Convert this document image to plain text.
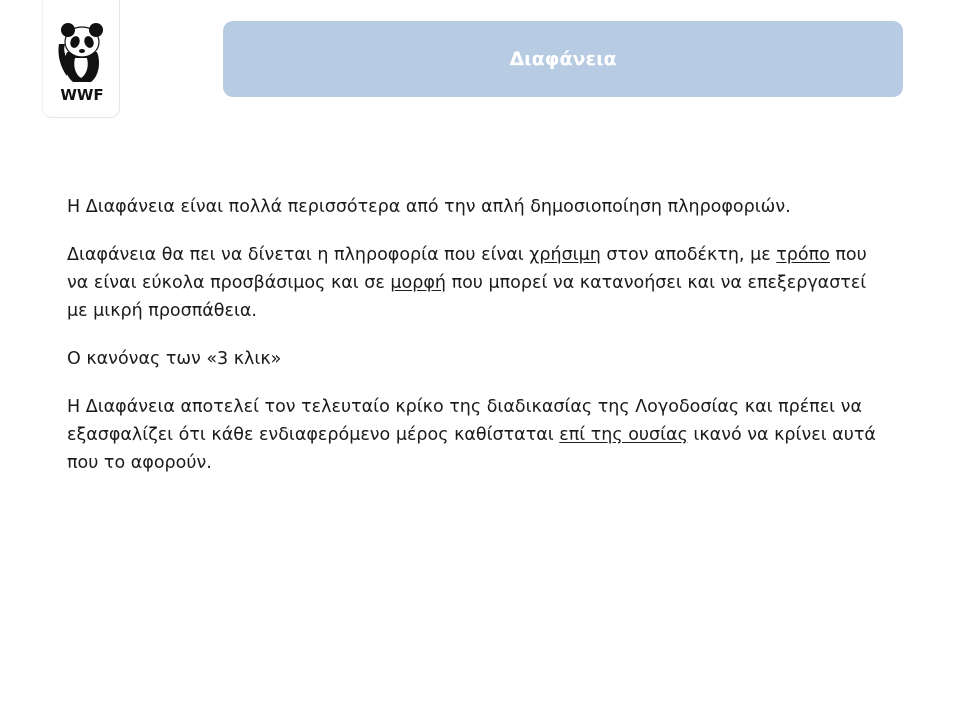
WWF
Διαφάνεια

Η Διαφάνεια είναι πολλά περισσότερα από την απλή δημοσιοποίηση πληροφοριών.

Διαφάνεια θα πει να δίνεται η πληροφορία που είναι χρήσιμη στον αποδέκτη, με τρόπο που να είναι εύκολα προσβάσιμος και σε μορφή που μπορεί να κατανοήσει και να επεξεργαστεί με μικρή προσπάθεια.

Ο κανόνας των «3 κλικ»

Η Διαφάνεια αποτελεί τον τελευταίο κρίκο της διαδικασίας της Λογοδοσίας και πρέπει να εξασφαλίζει ότι κάθε ενδιαφερόμενο μέρος καθίσταται επί της ουσίας ικανό να κρίνει αυτά που το αφορούν.
